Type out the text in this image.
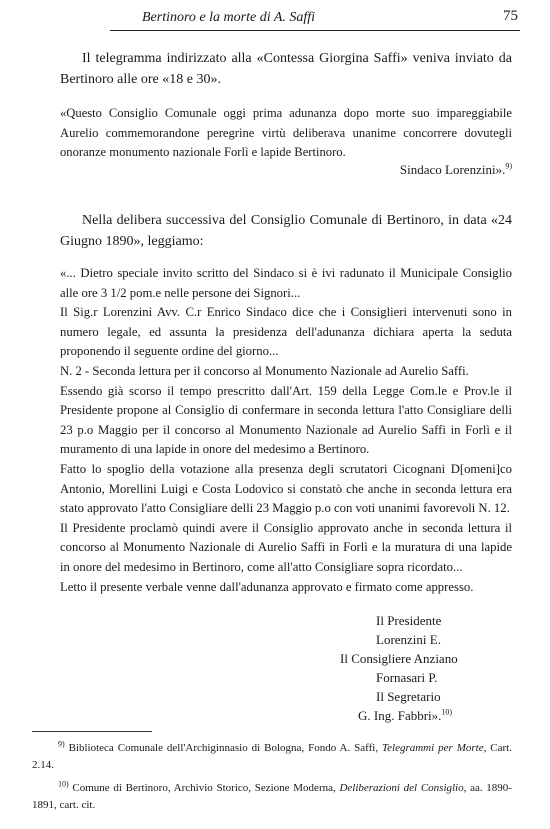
Bertinoro e la morte di A. Saffi	75
Il telegramma indirizzato alla «Contessa Giorgina Saffi» veniva inviato da Bertinoro alle ore «18 e 30».
«Questo Consiglio Comunale oggi prima adunanza dopo morte suo impareggiabile Aurelio commemorandone peregrine virtù deliberava unanime concorrere dovutegli onoranze monumento nazionale Forlì e lapide Bertinoro.
Sindaco Lorenzini».$^{9)}$
Nella delibera successiva del Consiglio Comunale di Bertinoro, in data «24 Giugno 1890», leggiamo:

«... Dietro speciale invito scritto del Sindaco si è ivi radunato il Municipale Consiglio alle ore 3 1/2 pom.e nelle persone dei Signori...

Il Sig.r Lorenzini Avv. C.r Enrico Sindaco dice che i Consiglieri intervenuti sono in numero legale, ed assunta la presidenza dell'adunanza dichiara aperta la seduta proponendo il seguente ordine del giorno...

N. 2 - Seconda lettura per il concorso al Monumento Nazionale ad Aurelio Saffi.

Essendo già scorso il tempo prescritto dall'Art. 159 della Legge Com.le e Prov.le il Presidente propone al Consiglio di confermare in seconda lettura l'atto Consigliare delli 23 p.o Maggio per il concorso al Monumento Nazionale ad Aurelio Saffi in Forlì e il muramento di una lapide in onore del medesimo a Bertinoro.

Fatto lo spoglio della votazione alla presenza degli scrutatori Cicognani D[omeni]co Antonio, Morellini Luigi e Costa Lodovico si constatò che anche in seconda lettura era stato approvato l'atto Consigliare delli 23 Maggio p.o con voti unanimi favorevoli N. 12.

Il Presidente proclamò quindi avere il Consiglio approvato anche in seconda lettura il concorso al Monumento Nazionale di Aurelio Saffi in Forlì e la muratura di una lapide in onore del medesimo in Bertinoro, come all'atto Consigliare sopra ricordato...

Letto il presente verbale venne dall'adunanza approvato e firmato come appresso.

Il Presidente
Lorenzini E.
Il Consigliere Anziano
Fornasari P.
Il Segretario
G. Ing. Fabbri».$^{10)}$

$^{9)}$ Biblioteca Comunale dell'Archiginnasio di Bologna, Fondo A. Saffi, Telegrammi per Morte, Cart. 2.14.

$^{10)}$ Comune di Bertinoro, Archivio Storico, Sezione Moderna, Deliberazioni del Consiglio, aa. 1890-1891, cart. cit.
